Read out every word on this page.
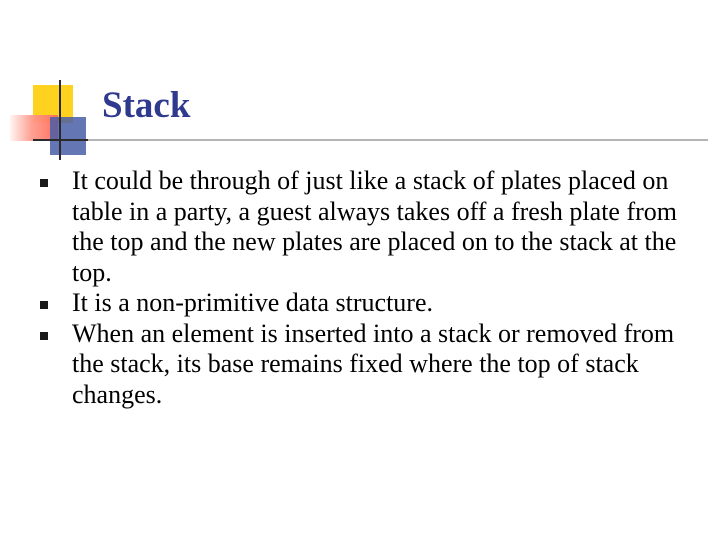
Stack
It could be through of just like a stack of plates placed on table in a party, a guest always takes off a fresh plate from the top and the new plates are placed on to the stack at the top.
It is a non-primitive data structure.
When an element is inserted into a stack or removed from the stack, its base remains fixed where the top of stack changes.
